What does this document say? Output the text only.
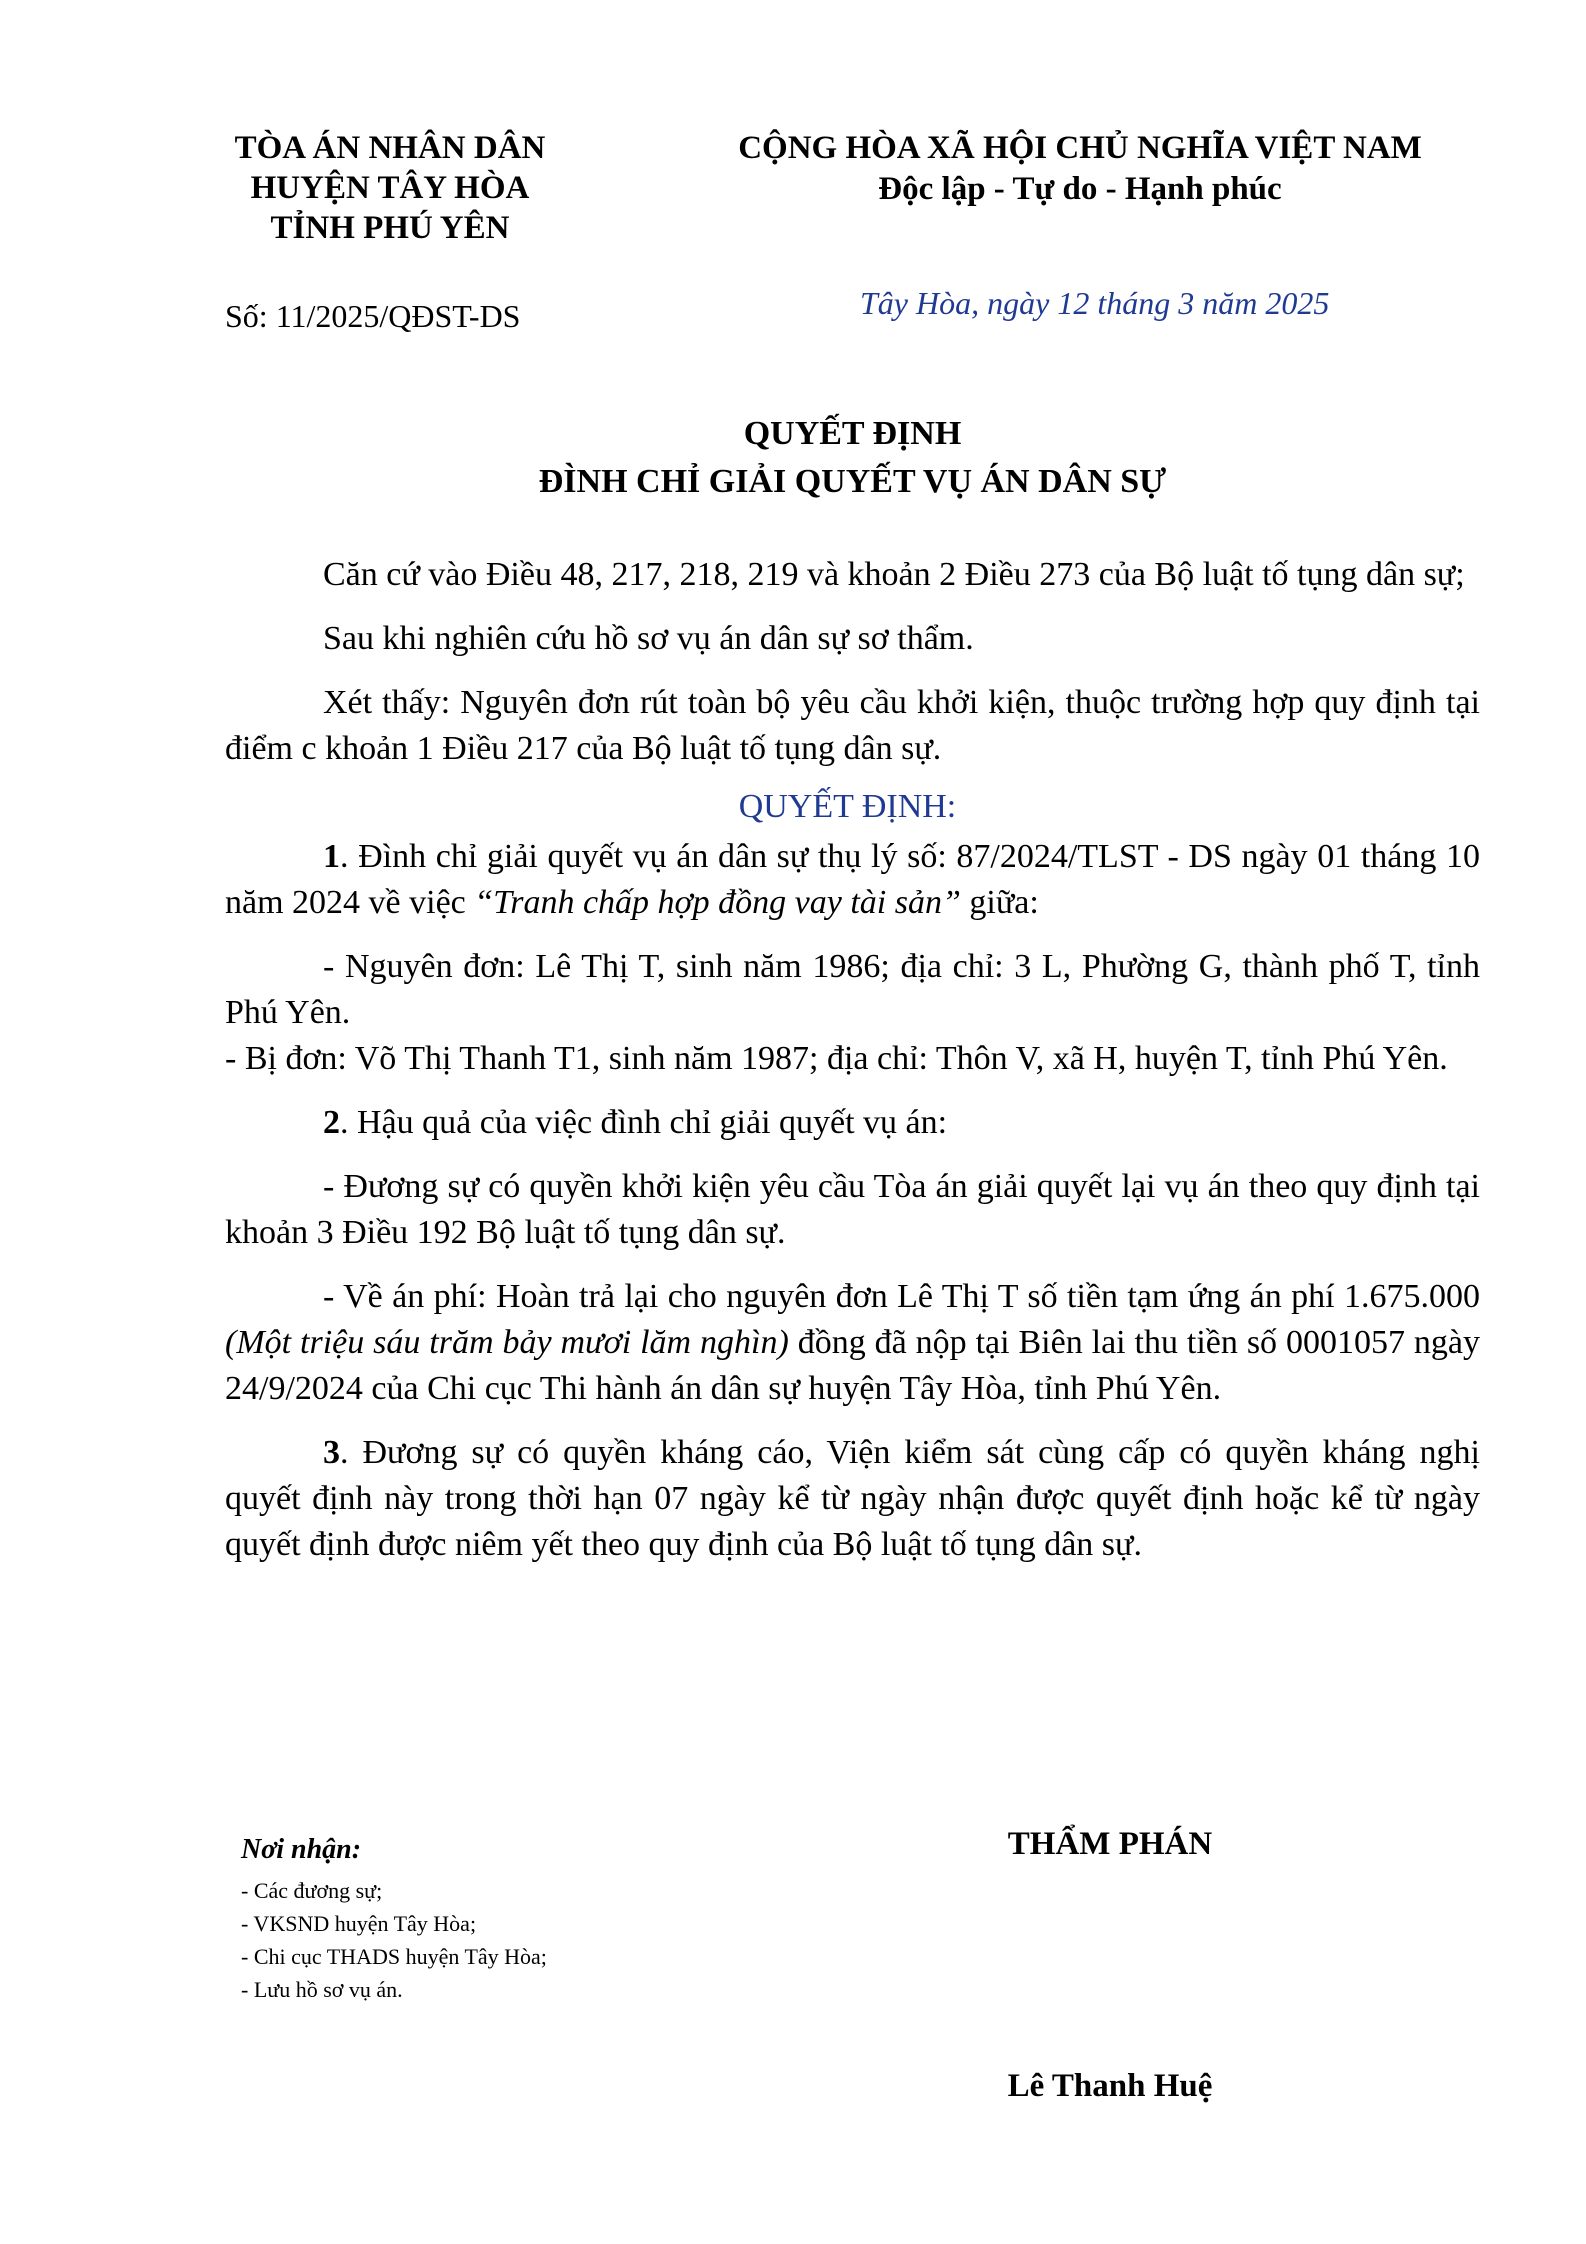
TÒA ÁN NHÂN DÂN
HUYỆN TÂY HÒA
TỈNH PHÚ YÊN
CỘNG HÒA XÃ HỘI CHỦ NGHĨA VIỆT NAM
Độc lập - Tự do - Hạnh phúc
Số: 11/2025/QĐST-DS	Tây Hòa, ngày 12 tháng 3 năm 2025
QUYẾT ĐỊNH
ĐÌNH CHỈ GIẢI QUYẾT VỤ ÁN DÂN SỰ

Căn cứ vào Điều 48, 217, 218, 219 và khoản 2 Điều 273 của Bộ luật tố tụng dân sự;

Sau khi nghiên cứu hồ sơ vụ án dân sự sơ thẩm.

Xét thấy: Nguyên đơn rút toàn bộ yêu cầu khởi kiện, thuộc trường hợp quy định tại điểm c khoản 1 Điều 217 của Bộ luật tố tụng dân sự.

QUYẾT ĐỊNH:

1. Đình chỉ giải quyết vụ án dân sự thụ lý số: 87/2024/TLST - DS ngày 01 tháng 10 năm 2024 về việc “Tranh chấp hợp đồng vay tài sản” giữa:

- Nguyên đơn: Lê Thị T, sinh năm 1986; địa chỉ: 3 L, Phường G, thành phố T, tỉnh Phú Yên.

- Bị đơn: Võ Thị Thanh T1, sinh năm 1987; địa chỉ: Thôn V, xã H, huyện T, tỉnh Phú Yên.

2. Hậu quả của việc đình chỉ giải quyết vụ án:

- Đương sự có quyền khởi kiện yêu cầu Tòa án giải quyết lại vụ án theo quy định tại khoản 3 Điều 192 Bộ luật tố tụng dân sự.

- Về án phí: Hoàn trả lại cho nguyên đơn Lê Thị T số tiền tạm ứng án phí 1.675.000 (Một triệu sáu trăm bảy mươi lăm nghìn) đồng đã nộp tại Biên lai thu tiền số 0001057 ngày 24/9/2024 của Chi cục Thi hành án dân sự huyện Tây Hòa, tỉnh Phú Yên.

3. Đương sự có quyền kháng cáo, Viện kiểm sát cùng cấp có quyền kháng nghị quyết định này trong thời hạn 07 ngày kể từ ngày nhận được quyết định hoặc kể từ ngày quyết định được niêm yết theo quy định của Bộ luật tố tụng dân sự.

Nơi nhận:
- Các đương sự;
- VKSND huyện Tây Hòa;
- Chi cục THADS huyện Tây Hòa;
- Lưu hồ sơ vụ án.
THẨM PHÁN
Lê Thanh Huệ
